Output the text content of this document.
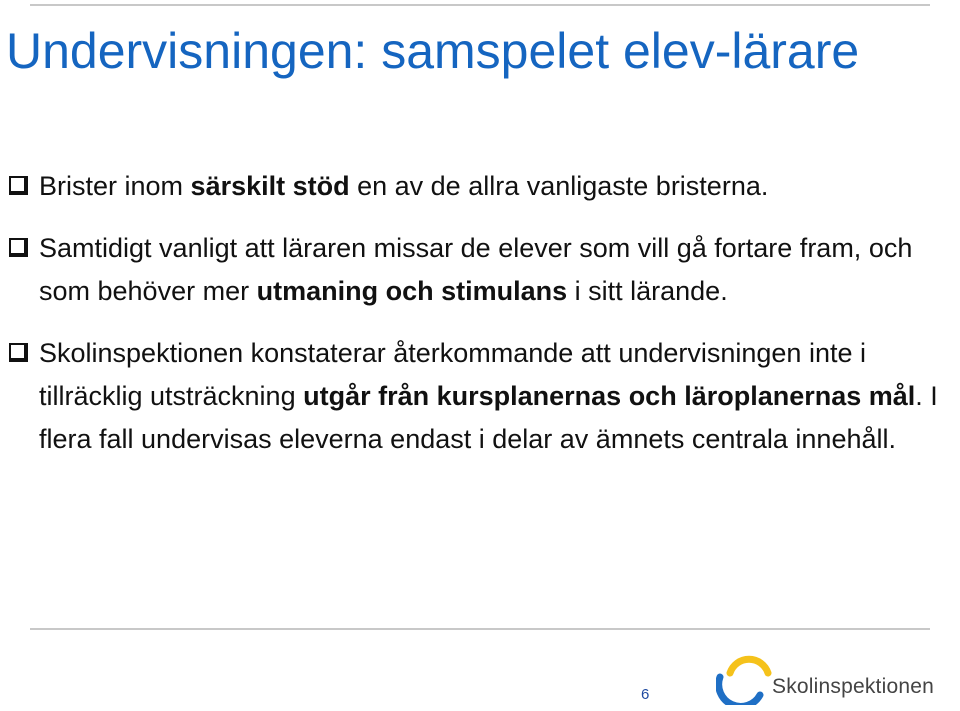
Undervisningen: samspelet elev-lärare
Brister inom särskilt stöd en av de allra vanligaste bristerna.
Samtidigt vanligt att läraren missar de elever som vill gå fortare fram, och som behöver mer utmaning och stimulans i sitt lärande.
Skolinspektionen konstaterar återkommande att undervisningen inte i tillräcklig utsträckning utgår från kursplanernas och läroplanernas mål. I flera fall undervisas eleverna endast i delar av ämnets centrala innehåll.
6	Skolinspektionen
